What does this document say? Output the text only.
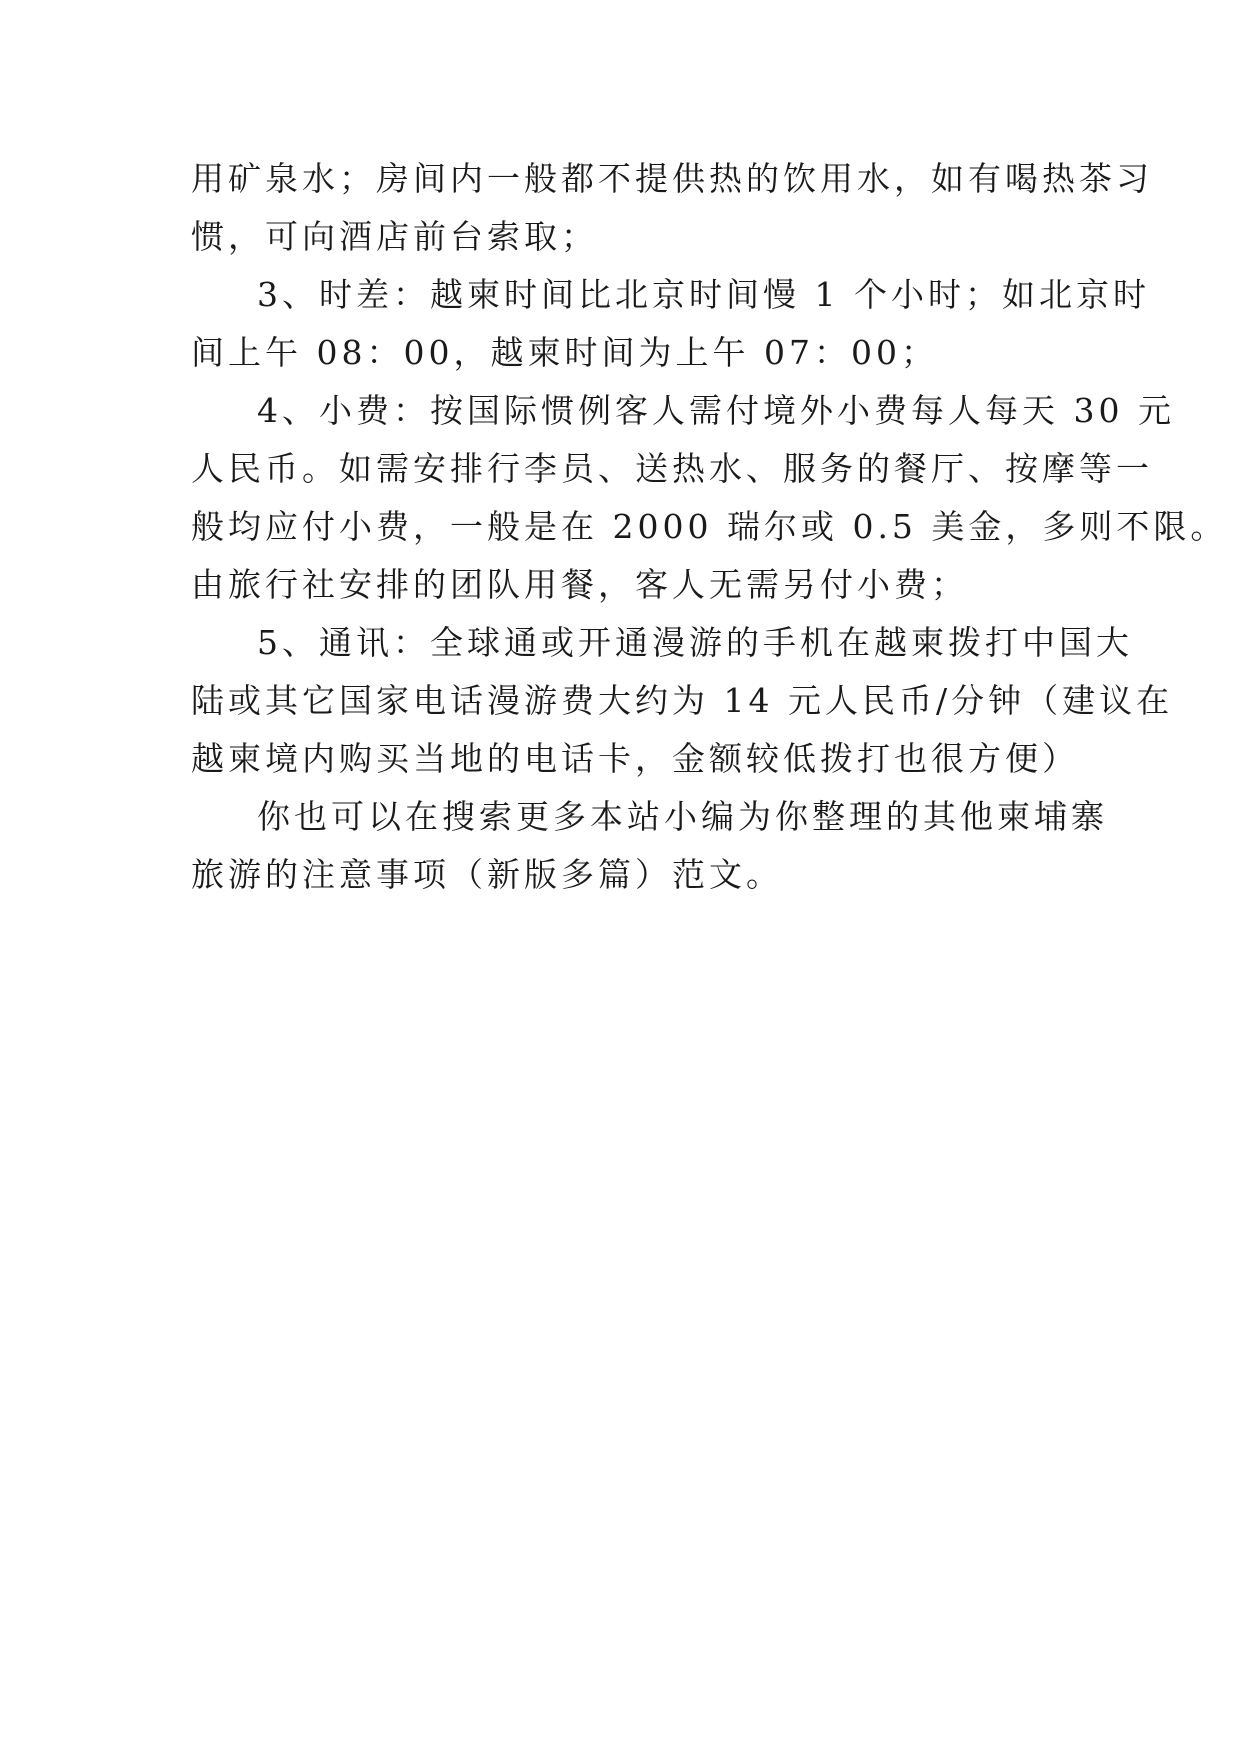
用矿泉水；房间内一般都不提供热的饮用水，如有喝热茶习
惯，可向酒店前台索取；
3、时差：越柬时间比北京时间慢 1 个小时；如北京时
间上午 08：00，越柬时间为上午 07：00；
4、小费：按国际惯例客人需付境外小费每人每天 30 元
人民币。如需安排行李员、送热水、服务的餐厅、按摩等一
般均应付小费，一般是在 2000 瑞尔或 0.5 美金，多则不限。
由旅行社安排的团队用餐，客人无需另付小费；
5、通讯：全球通或开通漫游的手机在越柬拨打中国大
陆或其它国家电话漫游费大约为 14 元人民币/分钟（建议在
越柬境内购买当地的电话卡，金额较低拨打也很方便）
你也可以在搜索更多本站小编为你整理的其他柬埔寨
旅游的注意事项（新版多篇）范文。
